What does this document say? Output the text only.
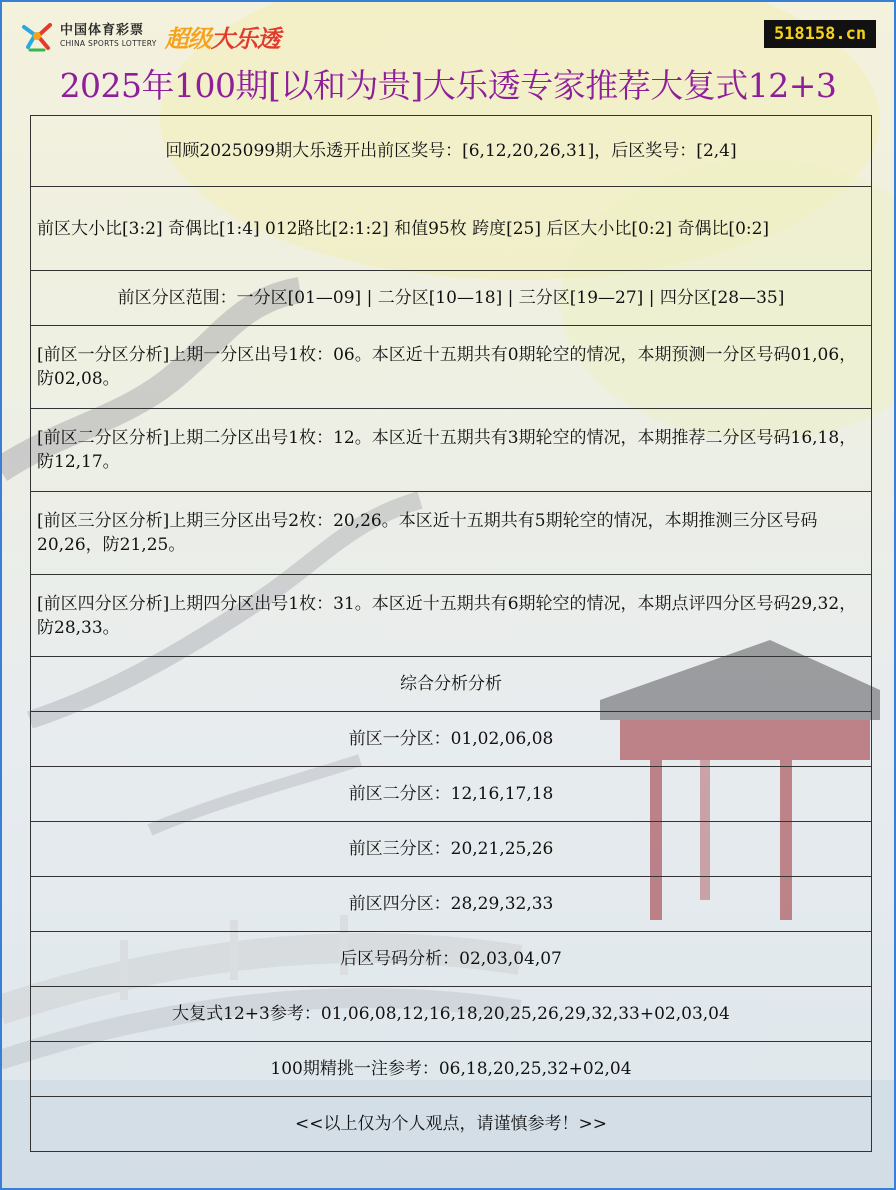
中国体育彩票
CHINA SPORTS LOTTERY 超级大乐透	518158.cn
2025年100期[以和为贵]大乐透专家推荐大复式12+3
回顾2025099期大乐透开出前区奖号：[6,12,20,26,31]，后区奖号：[2,4]
前区大小比[3:2] 奇偶比[1:4] 012路比[2:1:2] 和值95枚 跨度[25] 后区大小比[0:2] 奇偶比[0:2]
前区分区范围：一分区[01—09] | 二分区[10—18] | 三分区[19—27] | 四分区[28—35]
[前区一分区分析]上期一分区出号1枚：06。本区近十五期共有0期轮空的情况，本期预测一分区号码01,06，防02,08。
[前区二分区分析]上期二分区出号1枚：12。本区近十五期共有3期轮空的情况，本期推荐二分区号码16,18，防12,17。
[前区三分区分析]上期三分区出号2枚：20,26。本区近十五期共有5期轮空的情况，本期推测三分区号码20,26，防21,25。
[前区四分区分析]上期四分区出号1枚：31。本区近十五期共有6期轮空的情况，本期点评四分区号码29,32，防28,33。
综合分析分析
前区一分区：01,02,06,08
前区二分区：12,16,17,18
前区三分区：20,21,25,26
前区四分区：28,29,32,33
后区号码分析：02,03,04,07
大复式12+3参考：01,06,08,12,16,18,20,25,26,29,32,33+02,03,04
100期精挑一注参考：06,18,20,25,32+02,04
<<以上仅为个人观点，请谨慎参考！>>
